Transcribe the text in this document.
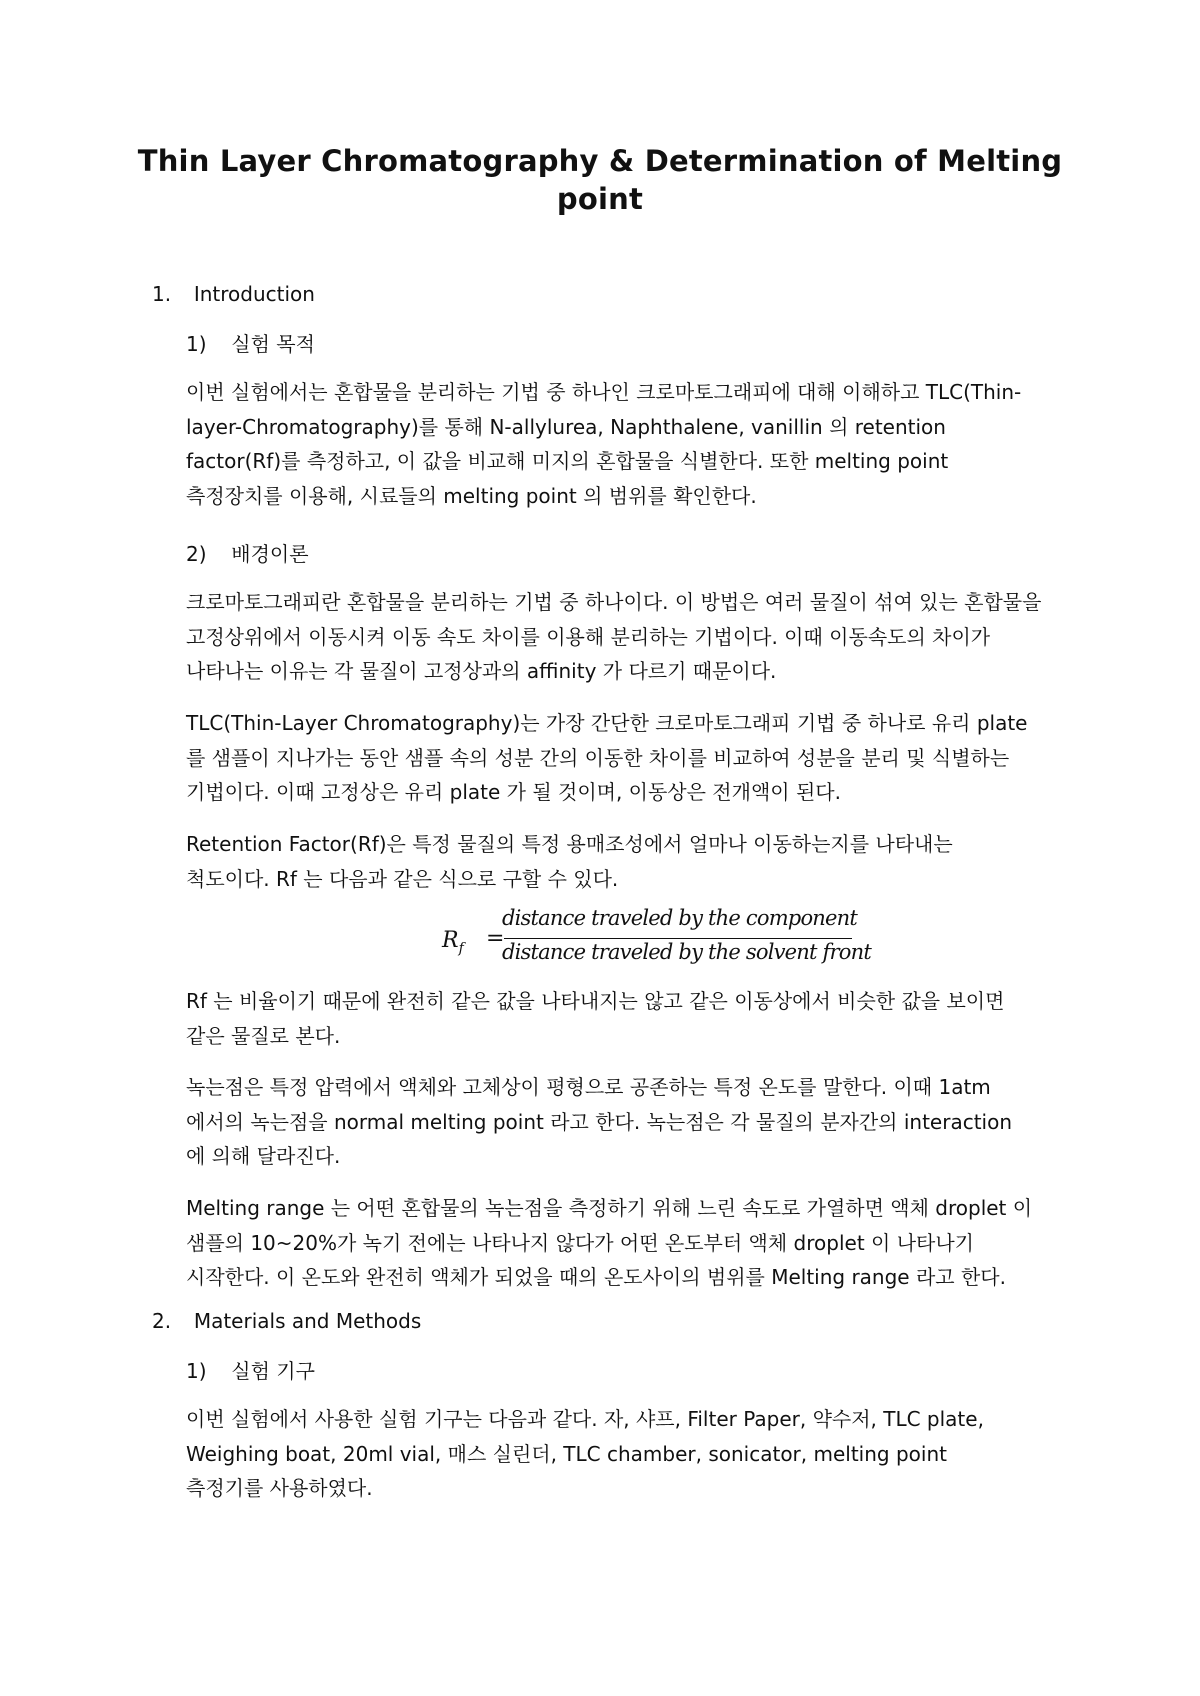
Thin Layer Chromatography & Determination of Melting
point
1. Introduction
1) 실험 목적
이번 실험에서는 혼합물을 분리하는 기법 중 하나인 크로마토그래피에 대해 이해하고 TLC(Thin-
layer-Chromatography)를 통해 N-allylurea, Naphthalene, vanillin 의 retention
factor(Rf)를 측정하고, 이 값을 비교해 미지의 혼합물을 식별한다. 또한 melting point
측정장치를 이용해, 시료들의 melting point 의 범위를 확인한다.
2) 배경이론
크로마토그래피란 혼합물을 분리하는 기법 중 하나이다. 이 방법은 여러 물질이 섞여 있는 혼합물을
고정상위에서 이동시켜 이동 속도 차이를 이용해 분리하는 기법이다. 이때 이동속도의 차이가
나타나는 이유는 각 물질이 고정상과의 affinity 가 다르기 때문이다.
TLC(Thin-Layer Chromatography)는 가장 간단한 크로마토그래피 기법 중 하나로 유리 plate
를 샘플이 지나가는 동안 샘플 속의 성분 간의 이동한 차이를 비교하여 성분을 분리 및 식별하는
기법이다. 이때 고정상은 유리 plate 가 될 것이며, 이동상은 전개액이 된다.
Retention Factor(Rf)은 특정 물질의 특정 용매조성에서 얼마나 이동하는지를 나타내는
척도이다. Rf 는 다음과 같은 식으로 구할 수 있다.
$R_f$ =
distance traveled by the component
distance traveled by the solvent front
Rf 는 비율이기 때문에 완전히 같은 값을 나타내지는 않고 같은 이동상에서 비슷한 값을 보이면
같은 물질로 본다.
녹는점은 특정 압력에서 액체와 고체상이 평형으로 공존하는 특정 온도를 말한다. 이때 1atm
에서의 녹는점을 normal melting point 라고 한다. 녹는점은 각 물질의 분자간의 interaction
에 의해 달라진다.
Melting range 는 어떤 혼합물의 녹는점을 측정하기 위해 느린 속도로 가열하면 액체 droplet 이
샘플의 10~20%가 녹기 전에는 나타나지 않다가 어떤 온도부터 액체 droplet 이 나타나기
시작한다. 이 온도와 완전히 액체가 되었을 때의 온도사이의 범위를 Melting range 라고 한다.
2. Materials and Methods
1) 실험 기구
이번 실험에서 사용한 실험 기구는 다음과 같다. 자, 샤프, Filter Paper, 약수저, TLC plate,
Weighing boat, 20ml vial, 매스 실린더, TLC chamber, sonicator, melting point
측정기를 사용하였다.
